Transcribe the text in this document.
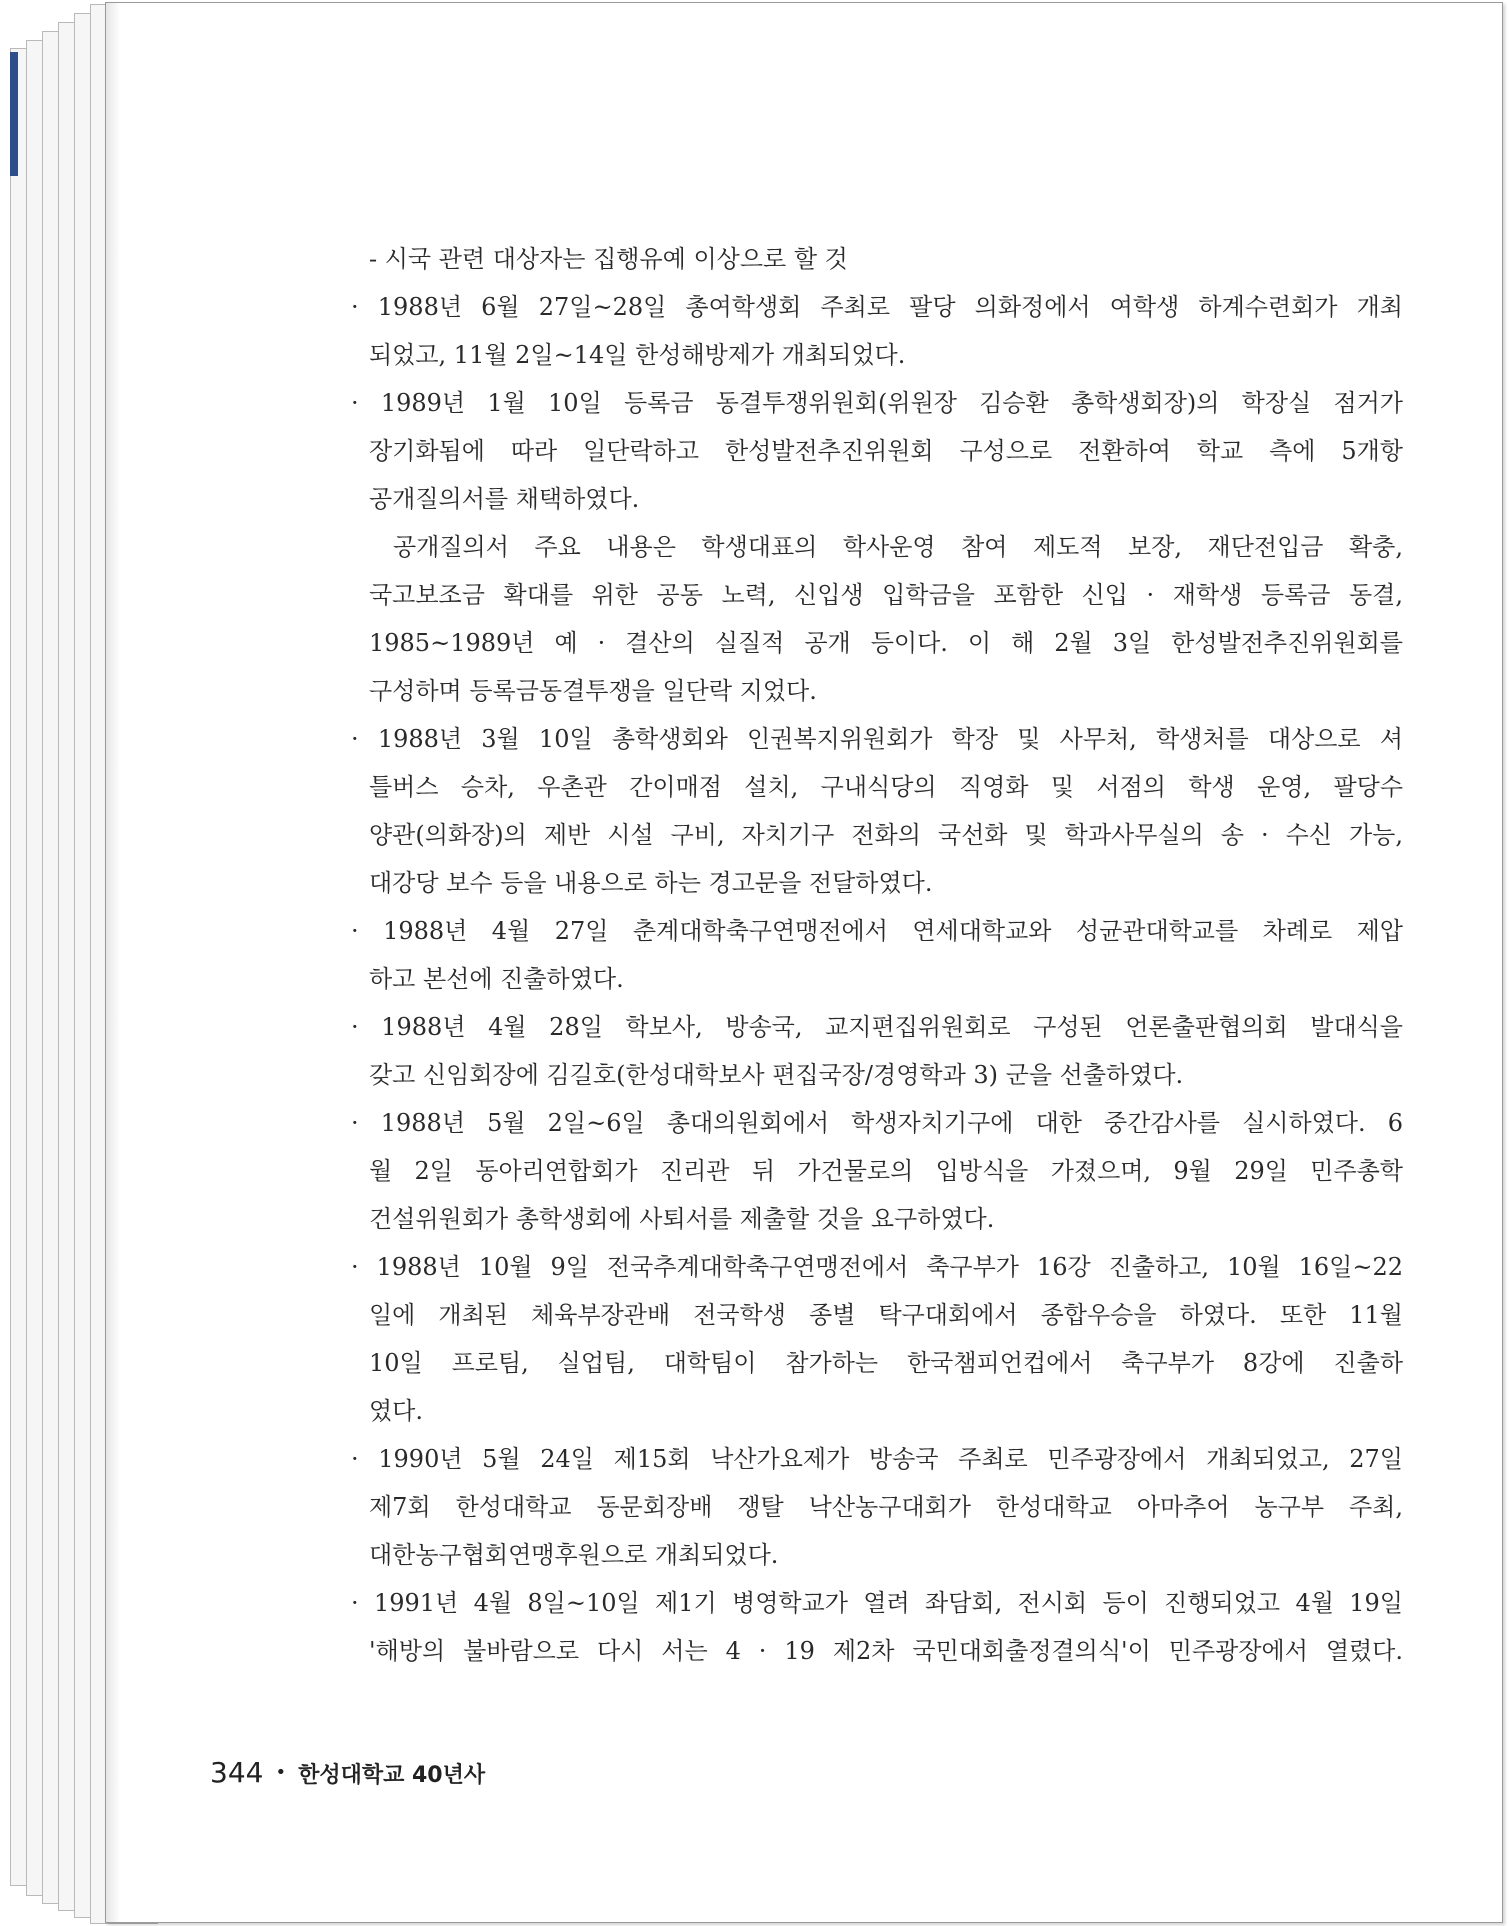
- 시국 관련 대상자는 집행유예 이상으로 할 것
· 1988년 6월 27일~28일 총여학생회 주최로 팔당 의화정에서 여학생 하계수련회가 개최
되었고, 11월 2일~14일 한성해방제가 개최되었다.
· 1989년 1월 10일 등록금 동결투쟁위원회(위원장 김승환 총학생회장)의 학장실 점거가
장기화됨에 따라 일단락하고 한성발전추진위원회 구성으로 전환하여 학교 측에 5개항
공개질의서를 채택하였다.
공개질의서 주요 내용은 학생대표의 학사운영 참여 제도적 보장, 재단전입금 확충,
국고보조금 확대를 위한 공동 노력, 신입생 입학금을 포함한 신입 · 재학생 등록금 동결,
1985~1989년 예 · 결산의 실질적 공개 등이다. 이 해 2월 3일 한성발전추진위원회를
구성하며 등록금동결투쟁을 일단락 지었다.
· 1988년 3월 10일 총학생회와 인권복지위원회가 학장 및 사무처, 학생처를 대상으로 셔
틀버스 승차, 우촌관 간이매점 설치, 구내식당의 직영화 및 서점의 학생 운영, 팔당수
양관(의화장)의 제반 시설 구비, 자치기구 전화의 국선화 및 학과사무실의 송 · 수신 가능,
대강당 보수 등을 내용으로 하는 경고문을 전달하였다.
· 1988년 4월 27일 춘계대학축구연맹전에서 연세대학교와 성균관대학교를 차례로 제압
하고 본선에 진출하였다.
· 1988년 4월 28일 학보사, 방송국, 교지편집위원회로 구성된 언론출판협의회 발대식을
갖고 신임회장에 김길호(한성대학보사 편집국장/경영학과 3) 군을 선출하였다.
· 1988년 5월 2일~6일 총대의원회에서 학생자치기구에 대한 중간감사를 실시하였다. 6
월 2일 동아리연합회가 진리관 뒤 가건물로의 입방식을 가졌으며, 9월 29일 민주총학
건설위원회가 총학생회에 사퇴서를 제출할 것을 요구하였다.
· 1988년 10월 9일 전국추계대학축구연맹전에서 축구부가 16강 진출하고, 10월 16일~22
일에 개최된 체육부장관배 전국학생 종별 탁구대회에서 종합우승을 하였다. 또한 11월
10일 프로팀, 실업팀, 대학팀이 참가하는 한국챔피언컵에서 축구부가 8강에 진출하
였다.
· 1990년 5월 24일 제15회 낙산가요제가 방송국 주최로 민주광장에서 개최되었고, 27일
제7회 한성대학교 동문회장배 쟁탈 낙산농구대회가 한성대학교 아마추어 농구부 주최,
대한농구협회연맹후원으로 개최되었다.
· 1991년 4월 8일~10일 제1기 병영학교가 열려 좌담회, 전시회 등이 진행되었고 4월 19일
'해방의 불바람으로 다시 서는 4 · 19 제2차 국민대회출정결의식'이 민주광장에서 열렸다.
344 • 한성대학교 40년사
